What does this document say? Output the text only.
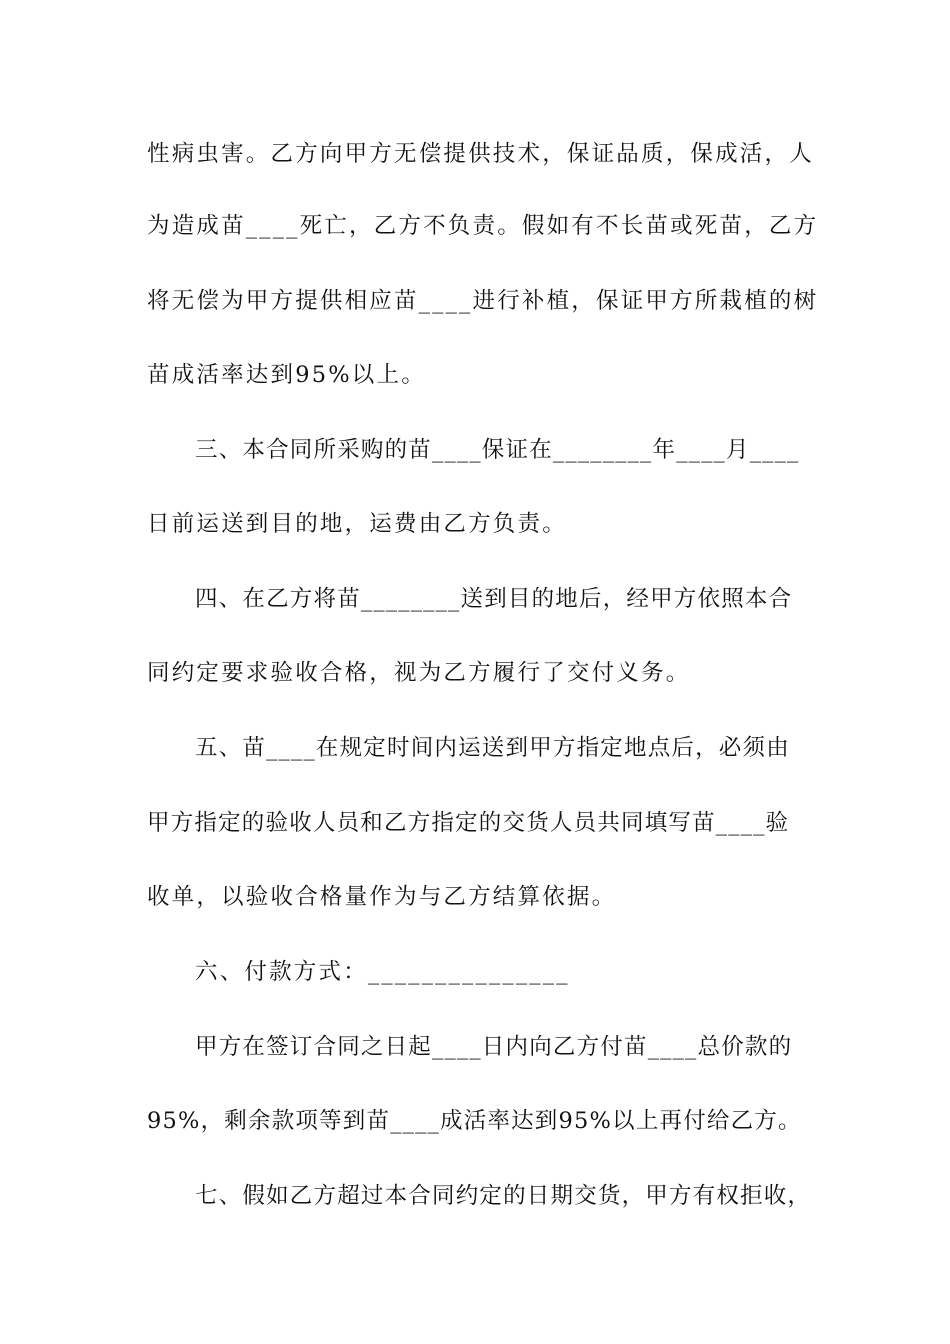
性病虫害。乙方向甲方无偿提供技术，保证品质，保成活，人
为造成苗____死亡，乙方不负责。假如有不长苗或死苗，乙方
将无偿为甲方提供相应苗____进行补植，保证甲方所栽植的树
苗成活率达到95%以上。
三、本合同所采购的苗____保证在________年____月____
日前运送到目的地，运费由乙方负责。
四、在乙方将苗________送到目的地后，经甲方依照本合
同约定要求验收合格，视为乙方履行了交付义务。
五、苗____在规定时间内运送到甲方指定地点后，必须由
甲方指定的验收人员和乙方指定的交货人员共同填写苗____验
收单，以验收合格量作为与乙方结算依据。
六、付款方式：_______________
甲方在签订合同之日起____日内向乙方付苗____总价款的
95%，剩余款项等到苗____成活率达到95%以上再付给乙方。
七、假如乙方超过本合同约定的日期交货，甲方有权拒收，
